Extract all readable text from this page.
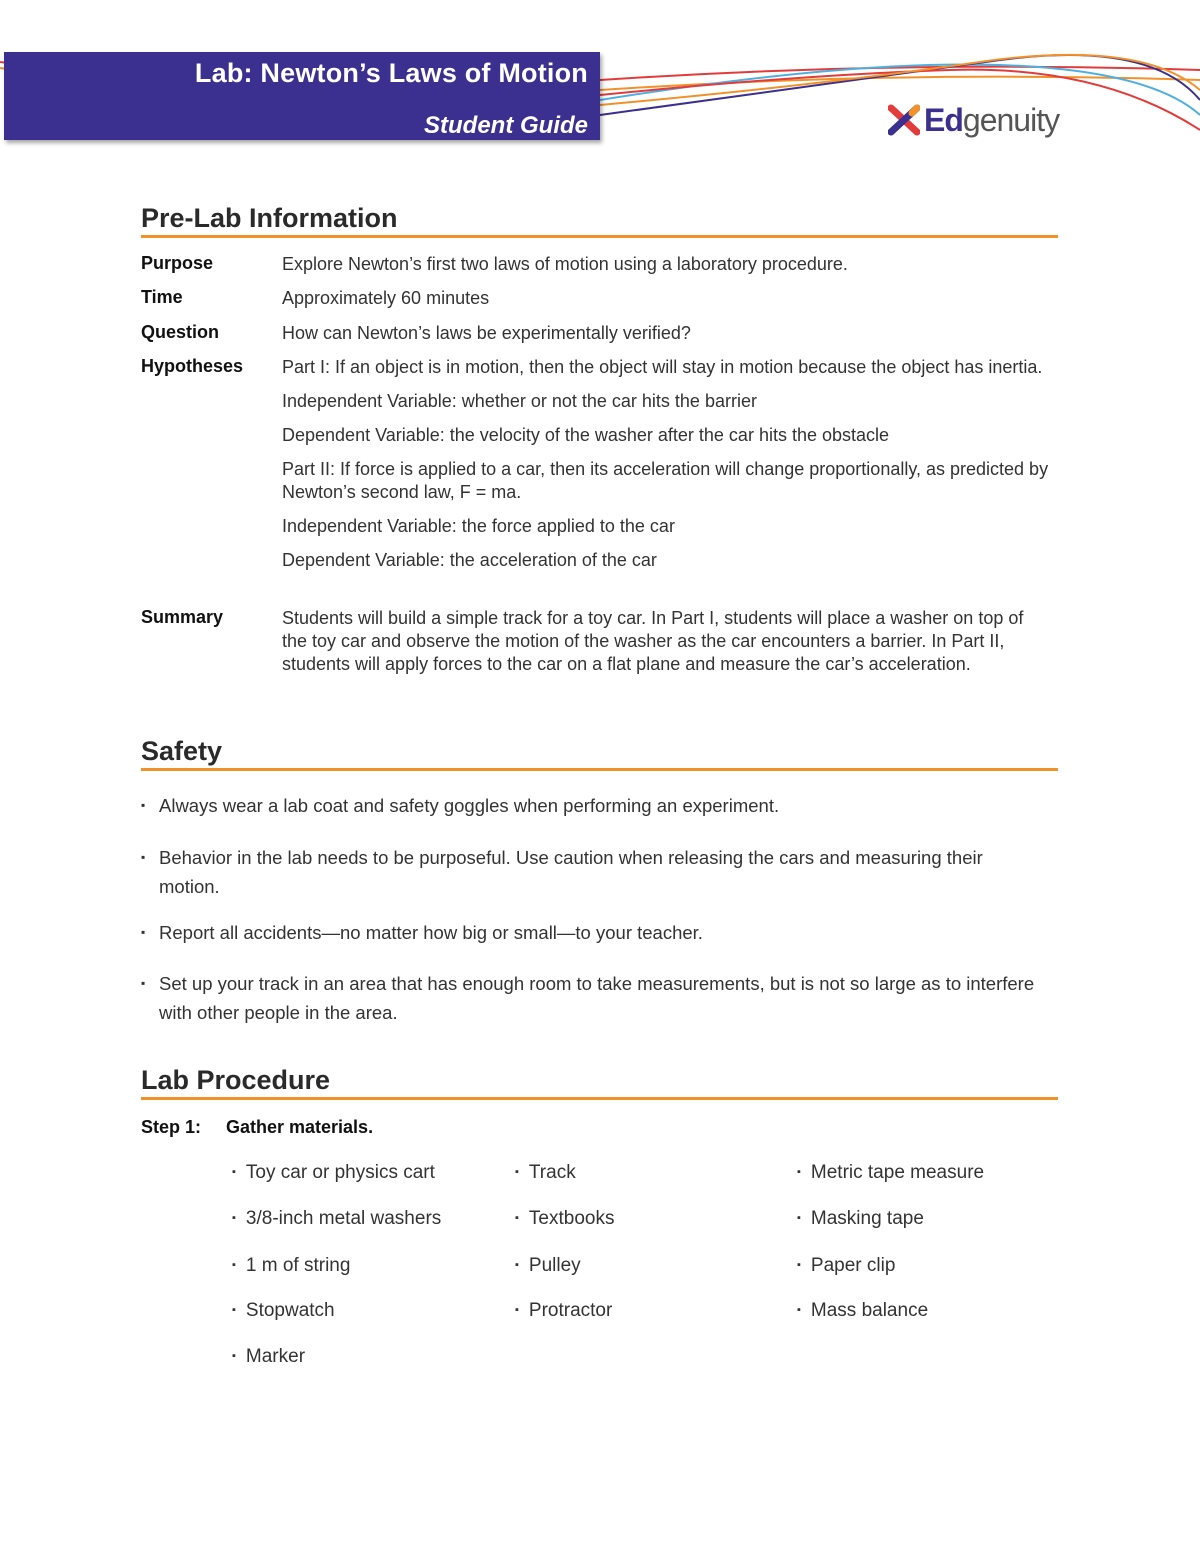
Lab: Newton’s Laws of Motion
Student Guide	Edgenuity
Pre-Lab Information
Purpose	Explore Newton’s first two laws of motion using a laboratory procedure.
Time	Approximately 60 minutes
Question	How can Newton’s laws be experimentally verified?
Hypotheses Part I: If an object is in motion, then the object will stay in motion because the object has inertia.

Independent Variable: whether or not the car hits the barrier

Dependent Variable: the velocity of the washer after the car hits the obstacle

Part II: If force is applied to a car, then its acceleration will change proportionally, as predicted by Newton’s second law, F = ma.

Independent Variable: the force applied to the car

Dependent Variable: the acceleration of the car

Summary	Students will build a simple track for a toy car. In Part I, students will place a washer on top of the toy car and observe the motion of the washer as the car encounters a barrier. In Part II, students will apply forces to the car on a flat plane and measure the car’s acceleration.
Safety
▪ Always wear a lab coat and safety goggles when performing an experiment.
▪ Behavior in the lab needs to be purposeful. Use caution when releasing the cars and measuring their motion.
▪ Report all accidents—no matter how big or small—to your teacher.
▪ Set up your track in an area that has enough room to take measurements, but is not so large as to interfere with other people in the area.
Lab Procedure
Step 1: Gather materials.
▪ Toy car or physics cart	▪ Track	▪ Metric tape measure
▪ 3/8-inch metal washers	▪ Textbooks	▪ Masking tape
▪ 1 m of string	▪ Pulley	▪ Paper clip
▪ Stopwatch	▪ Protractor	▪ Mass balance
▪ Marker
